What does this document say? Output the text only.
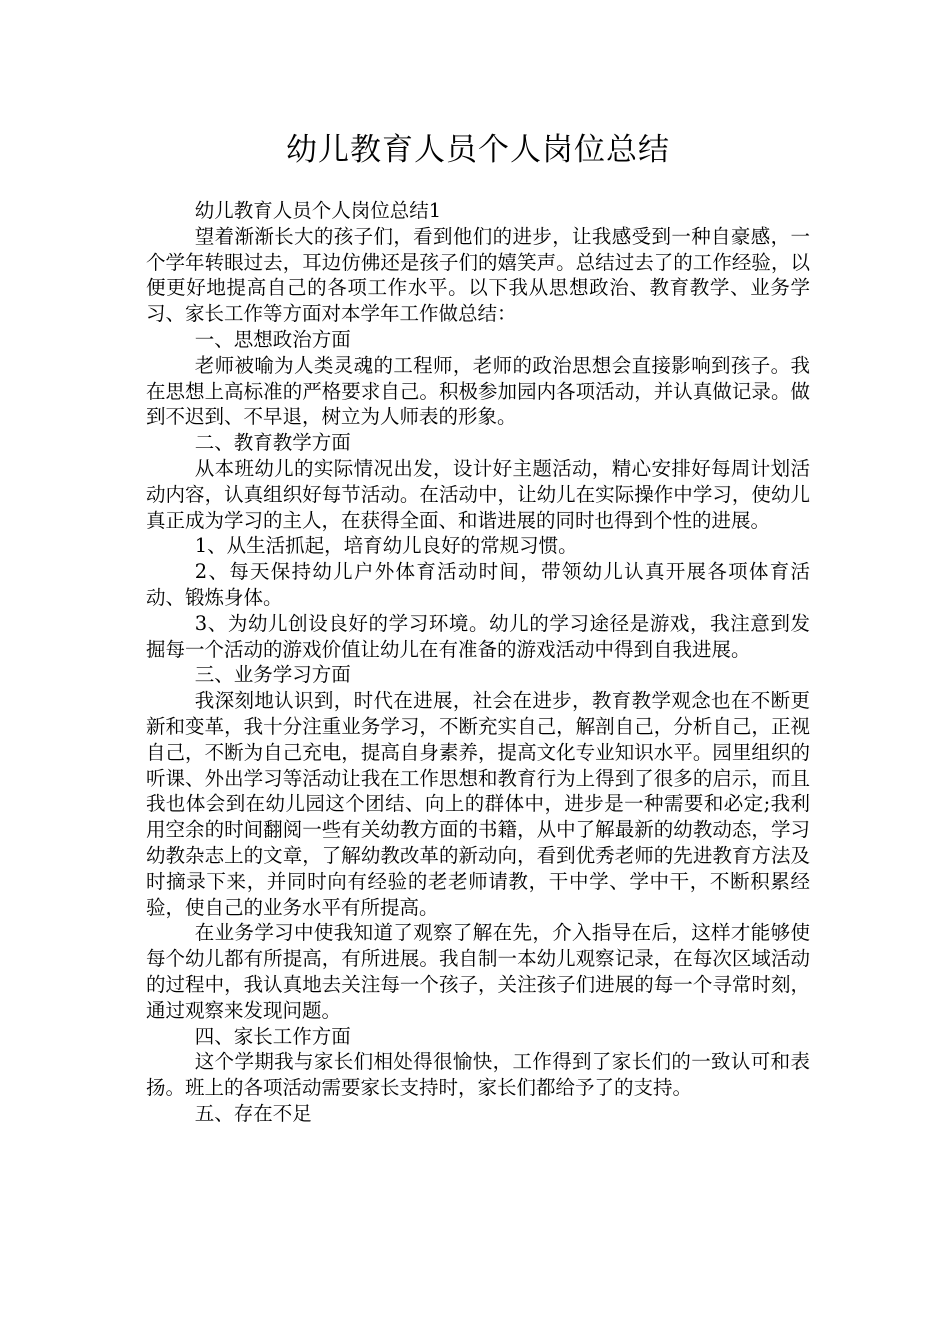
幼儿教育人员个人岗位总结

幼儿教育人员个人岗位总结1

望着渐渐长大的孩子们，看到他们的进步，让我感受到一种自豪感，一个学年转眼过去，耳边仿佛还是孩子们的嬉笑声。总结过去了的工作经验，以便更好地提高自己的各项工作水平。以下我从思想政治、教育教学、业务学习、家长工作等方面对本学年工作做总结：

一、思想政治方面

老师被喻为人类灵魂的工程师，老师的政治思想会直接影响到孩子。我在思想上高标准的严格要求自己。积极参加园内各项活动，并认真做记录。做到不迟到、不早退，树立为人师表的形象。

二、教育教学方面

从本班幼儿的实际情况出发，设计好主题活动，精心安排好每周计划活动内容，认真组织好每节活动。在活动中，让幼儿在实际操作中学习，使幼儿真正成为学习的主人，在获得全面、和谐进展的同时也得到个性的进展。

1、从生活抓起，培育幼儿良好的常规习惯。

2、每天保持幼儿户外体育活动时间，带领幼儿认真开展各项体育活动、锻炼身体。

3、为幼儿创设良好的学习环境。幼儿的学习途径是游戏，我注意到发掘每一个活动的游戏价值让幼儿在有准备的游戏活动中得到自我进展。

三、业务学习方面

我深刻地认识到，时代在进展，社会在进步，教育教学观念也在不断更新和变革，我十分注重业务学习，不断充实自己，解剖自己，分析自己，正视自己，不断为自己充电，提高自身素养，提高文化专业知识水平。园里组织的听课、外出学习等活动让我在工作思想和教育行为上得到了很多的启示，而且我也体会到在幼儿园这个团结、向上的群体中，进步是一种需要和必定;我利用空余的时间翻阅一些有关幼教方面的书籍，从中了解最新的幼教动态，学习幼教杂志上的文章，了解幼教改革的新动向，看到优秀老师的先进教育方法及时摘录下来，并同时向有经验的老老师请教，干中学、学中干，不断积累经验，使自己的业务水平有所提高。

在业务学习中使我知道了观察了解在先，介入指导在后，这样才能够使每个幼儿都有所提高，有所进展。我自制一本幼儿观察记录，在每次区域活动的过程中，我认真地去关注每一个孩子，关注孩子们进展的每一个寻常时刻，通过观察来发现问题。

四、家长工作方面

这个学期我与家长们相处得很愉快，工作得到了家长们的一致认可和表扬。班上的各项活动需要家长支持时，家长们都给予了的支持。

五、存在不足
